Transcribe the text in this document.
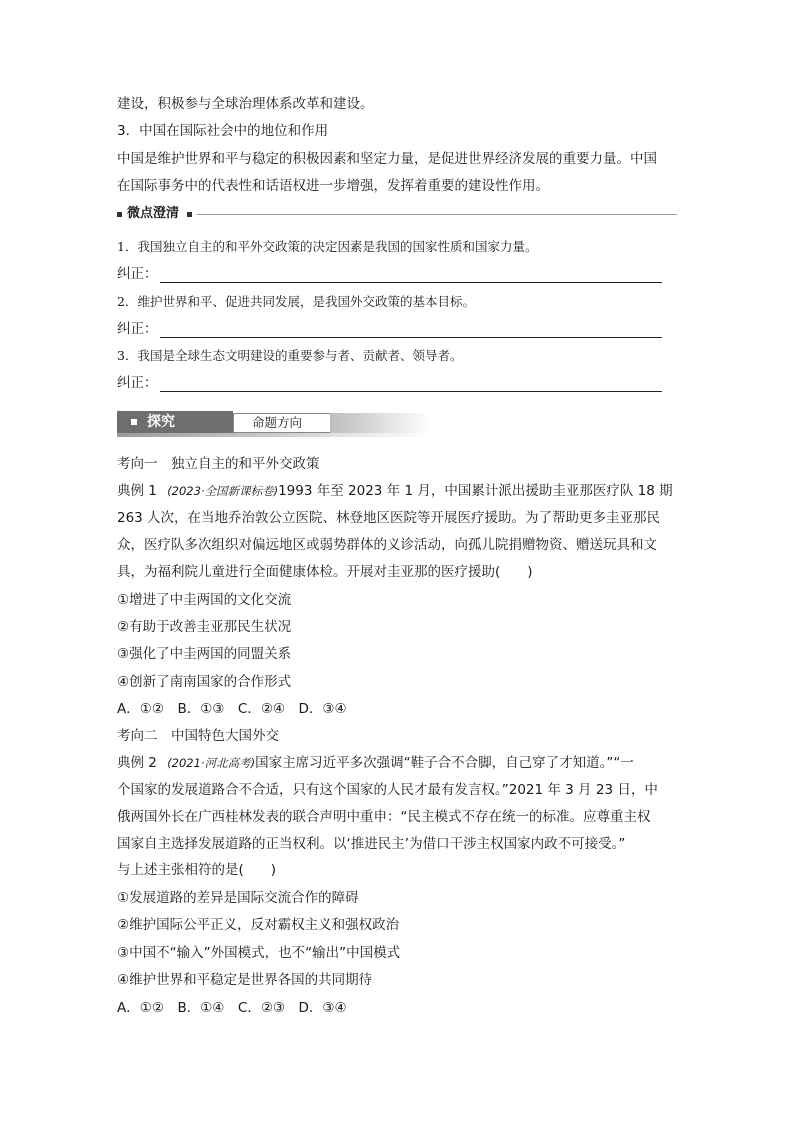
建设，积极参与全球治理体系改革和建设。
3．中国在国际社会中的地位和作用
中国是维护世界和平与稳定的积极因素和坚定力量，是促进世界经济发展的重要力量。中国
在国际事务中的代表性和话语权进一步增强，发挥着重要的建设性作用。
微点澄清
1．我国独立自主的和平外交政策的决定因素是我国的国家性质和国家力量。
纠正：
2．维护世界和平、促进共同发展，是我国外交政策的基本目标。
纠正：
3．我国是全球生态文明建设的重要参与者、贡献者、领导者。
纠正：
探究	命题方向
考向一　独立自主的和平外交政策
典例 1 (2023·全国新课标卷)1993 年至 2023 年 1 月，中国累计派出援助圭亚那医疗队 18 期
263 人次，在当地乔治敦公立医院、林登地区医院等开展医疗援助。为了帮助更多圭亚那民
众，医疗队多次组织对偏远地区或弱势群体的义诊活动，向孤儿院捐赠物资、赠送玩具和文
具，为福利院儿童进行全面健康体检。开展对圭亚那的医疗援助(　　)
①增进了中圭两国的文化交流
②有助于改善圭亚那民生状况
③强化了中圭两国的同盟关系
④创新了南南国家的合作形式
A．①②　B．①③　C．②④　D．③④
考向二　中国特色大国外交
典例 2 (2021·河北高考)国家主席习近平多次强调“鞋子合不合脚，自己穿了才知道。”“一
个国家的发展道路合不合适，只有这个国家的人民才最有发言权。”2021 年 3 月 23 日，中
俄两国外长在广西桂林发表的联合声明中重申：“民主模式不存在统一的标准。应尊重主权
国家自主选择发展道路的正当权利。以‘推进民主’为借口干涉主权国家内政不可接受。”
与上述主张相符的是(　　)
①发展道路的差异是国际交流合作的障碍
②维护国际公平正义，反对霸权主义和强权政治
③中国不“输入”外国模式，也不“输出”中国模式
④维护世界和平稳定是世界各国的共同期待
A．①②　B．①④　C．②③　D．③④
